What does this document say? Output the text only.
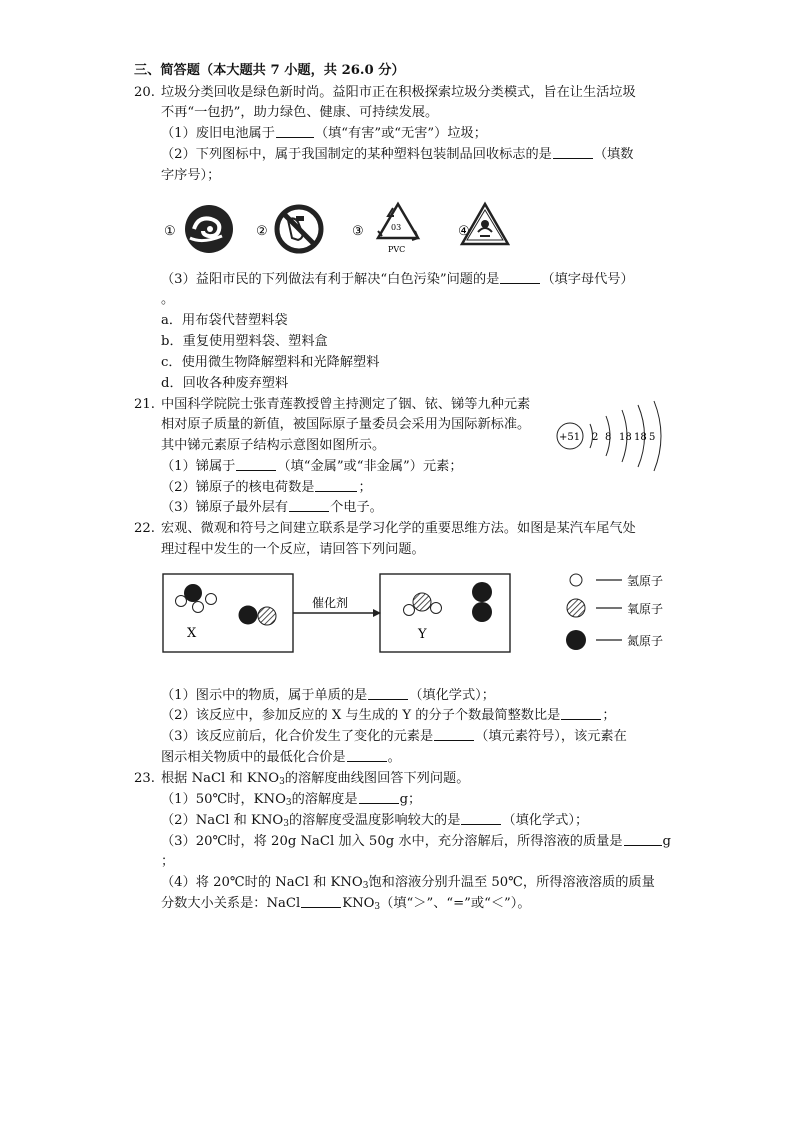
三、简答题（本大题共 7 小题，共 26.0 分）
20. 垃圾分类回收是绿色新时尚。益阳市正在积极探索垃圾分类模式，旨在让生活垃圾
不再“一包扔”，助力绿色、健康、可持续发展。
（1）废旧电池属于	（填“有害”或“无害”）垃圾；
（2）下列图标中，属于我国制定的某种塑料包装制品回收标志的是	（填数
字序号）；
①	②	③	03
PVC
④
（3）益阳市民的下列做法有利于解决“白色污染”问题的是	（填字母代号）
。
a．用布袋代替塑料袋
b．重复使用塑料袋、塑料盒
c．使用微生物降解塑料和光降解塑料
d．回收各种废弃塑料
21. 中国科学院院士张青莲教授曾主持测定了铟、铱、锑等九种元素
相对原子质量的新值，被国际原子量委员会采用为国际新标准。
其中锑元素原子结构示意图如图所示。
（1）锑属于	（填“金属”或“非金属”）元素；
（2）锑原子的核电荷数是	；
（3）锑原子最外层有	个电子。
+51 2 8 18 18 5
22. 宏观、微观和符号之间建立联系是学习化学的重要思维方法。如图是某汽车尾气处
理过程中发生的一个反应，请回答下列问题。
X
催化剂
Y
氢原子
氧原子
氮原子
（1）图示中的物质，属于单质的是	（填化学式）；
（2）该反应中，参加反应的 X 与生成的 Y 的分子个数最简整数比是	；
（3）该反应前后，化合价发生了变化的元素是	（填元素符号），该元素在
图示相关物质中的最低化合价是	。
23. 根据 NaCl 和 $KNO_3$的溶解度曲线图回答下列问题。
（1）50℃时，$KNO_3$的溶解度是	g；
（2）NaCl 和 $KNO_3$的溶解度受温度影响较大的是	（填化学式）；
（3）20℃时，将 20g NaCl 加入 50g 水中，充分溶解后，所得溶液的质量是	g
；
（4）将 20℃时的 NaCl 和 $KNO_3$饱和溶液分别升温至 50℃，所得溶液溶质的质量
分数大小关系是：NaCl	$KNO_3$（填“＞”、“=”或“＜”）。
